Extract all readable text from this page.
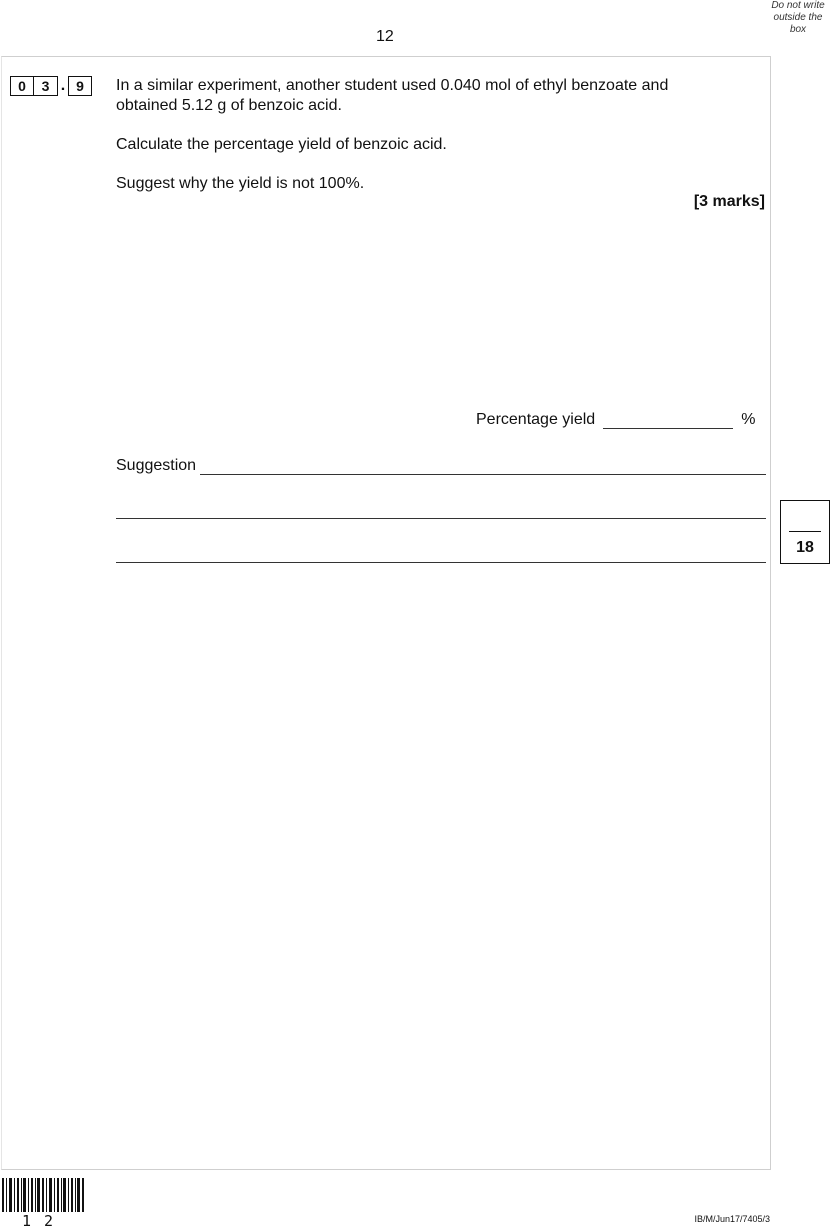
Do not write
outside the
box
12
0	3 . 9	In a similar experiment, another student used 0.040 mol of ethyl benzoate and
obtained 5.12 g of benzoic acid.
Calculate the percentage yield of benzoic acid.
Suggest why the yield is not 100%.
[3 marks]
Percentage yield	%
Suggestion
18
1 2	IB/M/Jun17/7405/3
